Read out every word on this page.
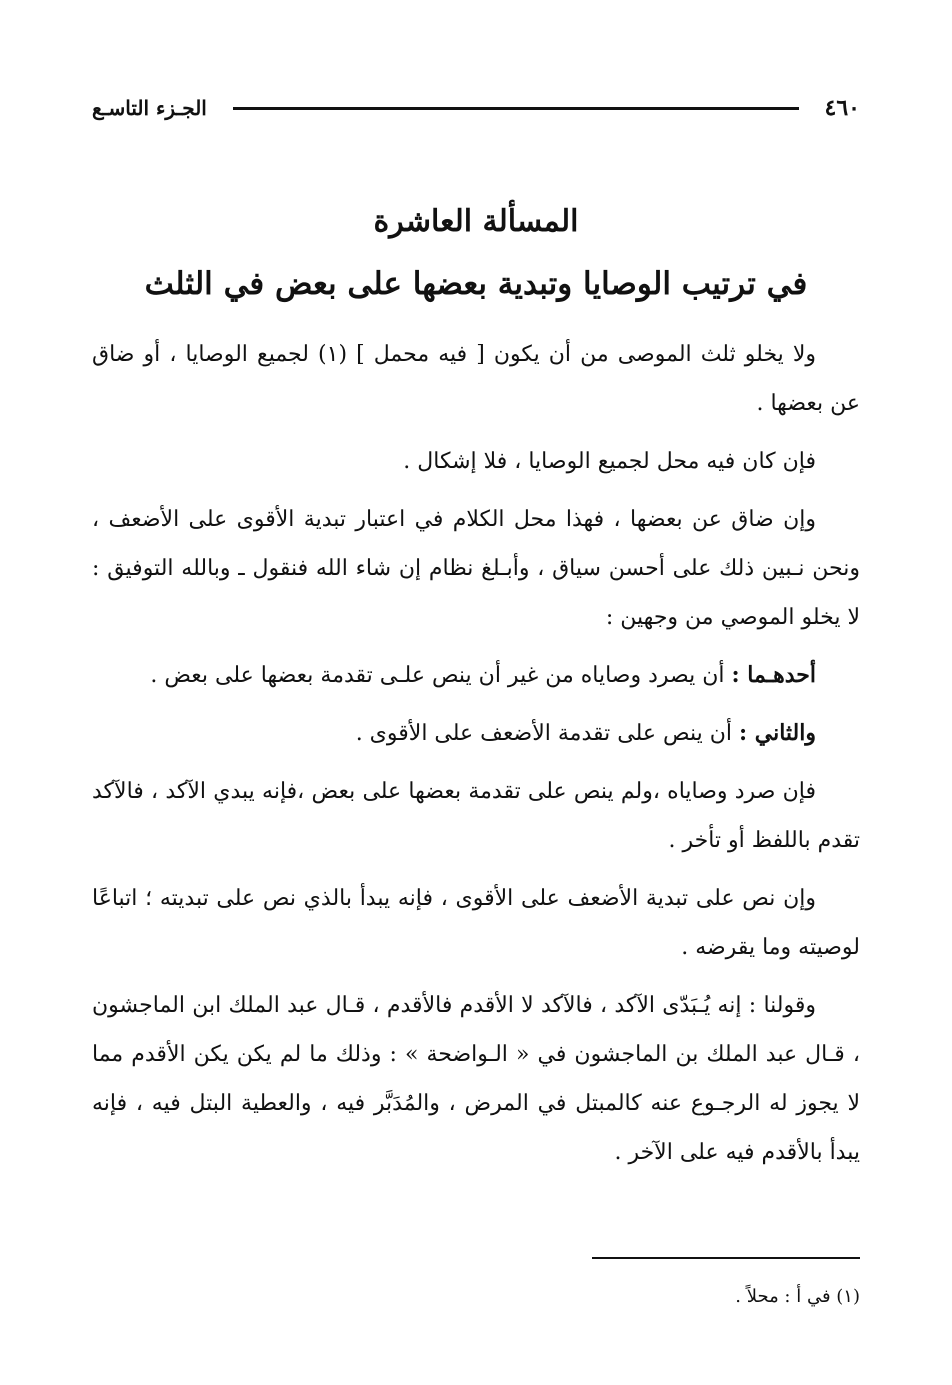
الجـزء التاسـع	٤٦٠
المسألة العاشرة
في ترتيب الوصايا وتبدية بعضها على بعض في الثلث

ولا يخلو ثلث الموصى من أن يكون [ فيه محمل ] (١) لجميع الوصايا ، أو ضاق عن بعضها .

فإن كان فيه محل لجميع الوصايا ، فلا إشكال .

وإن ضاق عن بعضها ، فهذا محل الكلام في اعتبار تبدية الأقوى على الأضعف ، ونحن نـبين ذلك على أحسن سياق ، وأبـلغ نظام إن شاء الله فنقول ـ وبالله التوفيق : لا يخلو الموصي من وجهين :

أحدهـما : أن يصرد وصاياه من غير أن ينص علـى تقدمة بعضها على بعض .

والثاني : أن ينص على تقدمة الأضعف على الأقوى .

فإن صرد وصاياه ،ولم ينص على تقدمة بعضها على بعض ،فإنه يبدي الآكد ، فالآكد تقدم باللفظ أو تأخر .

وإن نص على تبدية الأضعف على الأقوى ، فإنه يبدأ بالذي نص على تبديته ؛ اتباعًا لوصيته وما يقرضه .

وقولنا : إنه يُـبَدّى الآكد ، فالآكد لا الأقدم فالأقدم ، قـال عبد الملك ابن الماجشون ، قـال عبد الملك بن الماجشون في « الـواضحة » : وذلك ما لم يكن يكن الأقدم مما لا يجوز له الرجـوع عنه كالمبتل في المرض ، والمُدَبَّر فيه ، والعطية البتل فيه ، فإنه يبدأ بالأقدم فيه على الآخر .

(١) في أ : محلاً .
